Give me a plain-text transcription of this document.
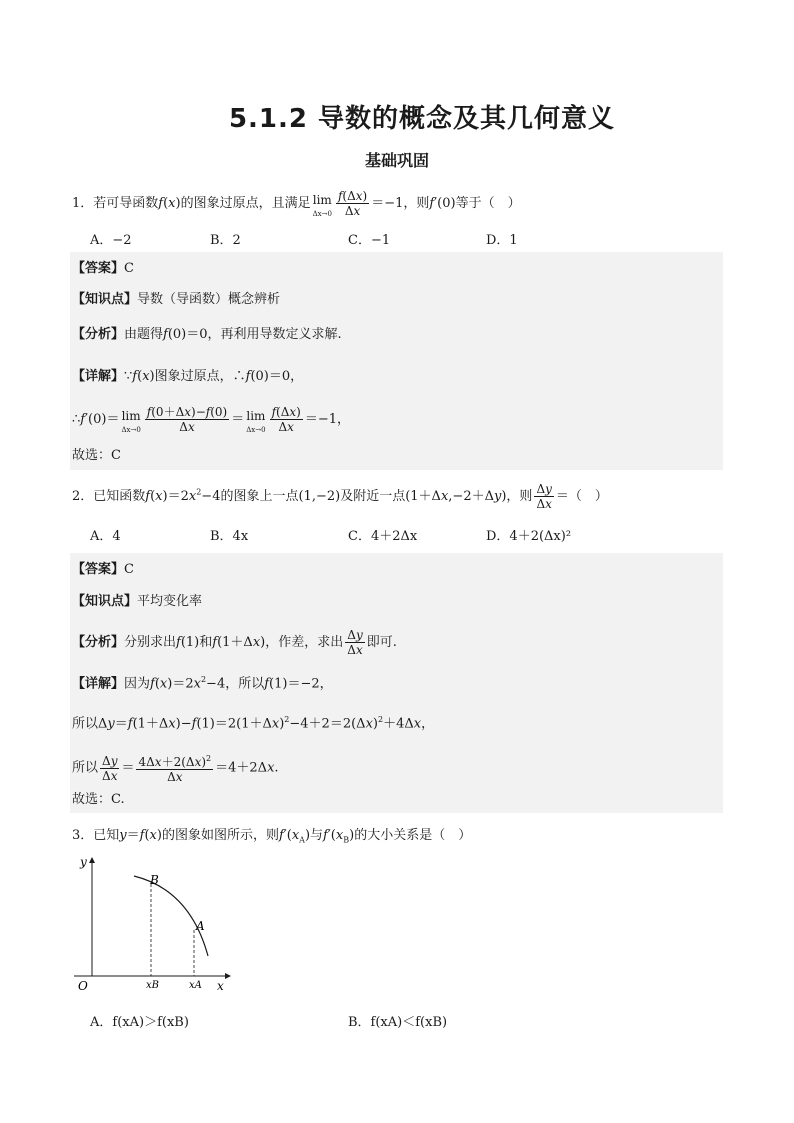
5.1.2 导数的概念及其几何意义
基础巩固
1．若可导函数f(x)的图象过原点，且满足 lim
$\Delta x\to 0 \frac{f(\Delta x)}{\Delta x} =-1$，则f′(0)等于（　）
A．−2	B．2	C．−1	D．1
【答案】C
【知识点】导数（导函数）概念辨析
【分析】由题得f(0)＝0，再利用导数定义求解.
【详解】∵f(x)图象过原点，∴f(0)＝0，
∴f′(0)＝ lim
$\Delta x\to 0 \frac{f(0+\Delta x)-f(0)}{\Delta x} = \lim$
$\Delta x\to 0 \frac{f(\Delta x)}{\Delta x} =-1$，
故选：C
2．已知函数$f(x)=2x^2-4$的图象上一点(1,−2)及附近一点(1＋Δx,−2＋Δy)，则 $\frac{\Delta y}{\Delta x}$ ＝（　）
A．4	B．4x	C．4＋2Δx	D．4＋2(Δx)²
【答案】C
【知识点】平均变化率
【分析】分别求出f(1)和f(1＋Δx)，作差，求出 $\frac{\Delta y}{\Delta x}$ 即可.
【详解】因为$f(x)=2x^2-4$，所以f(1)＝−2，
所以$\Delta y=f(1+\Delta x)-f(1)=2(1+\Delta x)^2-4+2=2(\Delta x)^2+4\Delta x$，
所以 $\frac{\Delta y}{\Delta x} = \frac{4\Delta x+2(\Delta x)^2}{\Delta x} =4+2\Delta x$.
故选：C.
3．已知y＝f(x)的图象如图所示，则$f'(x_A)$与$f'(x_B)$的大小关系是（　）
y
x
O
B
A
xB	xA
A．f(xA)＞f(xB)	B．f(xA)＜f(xB)
